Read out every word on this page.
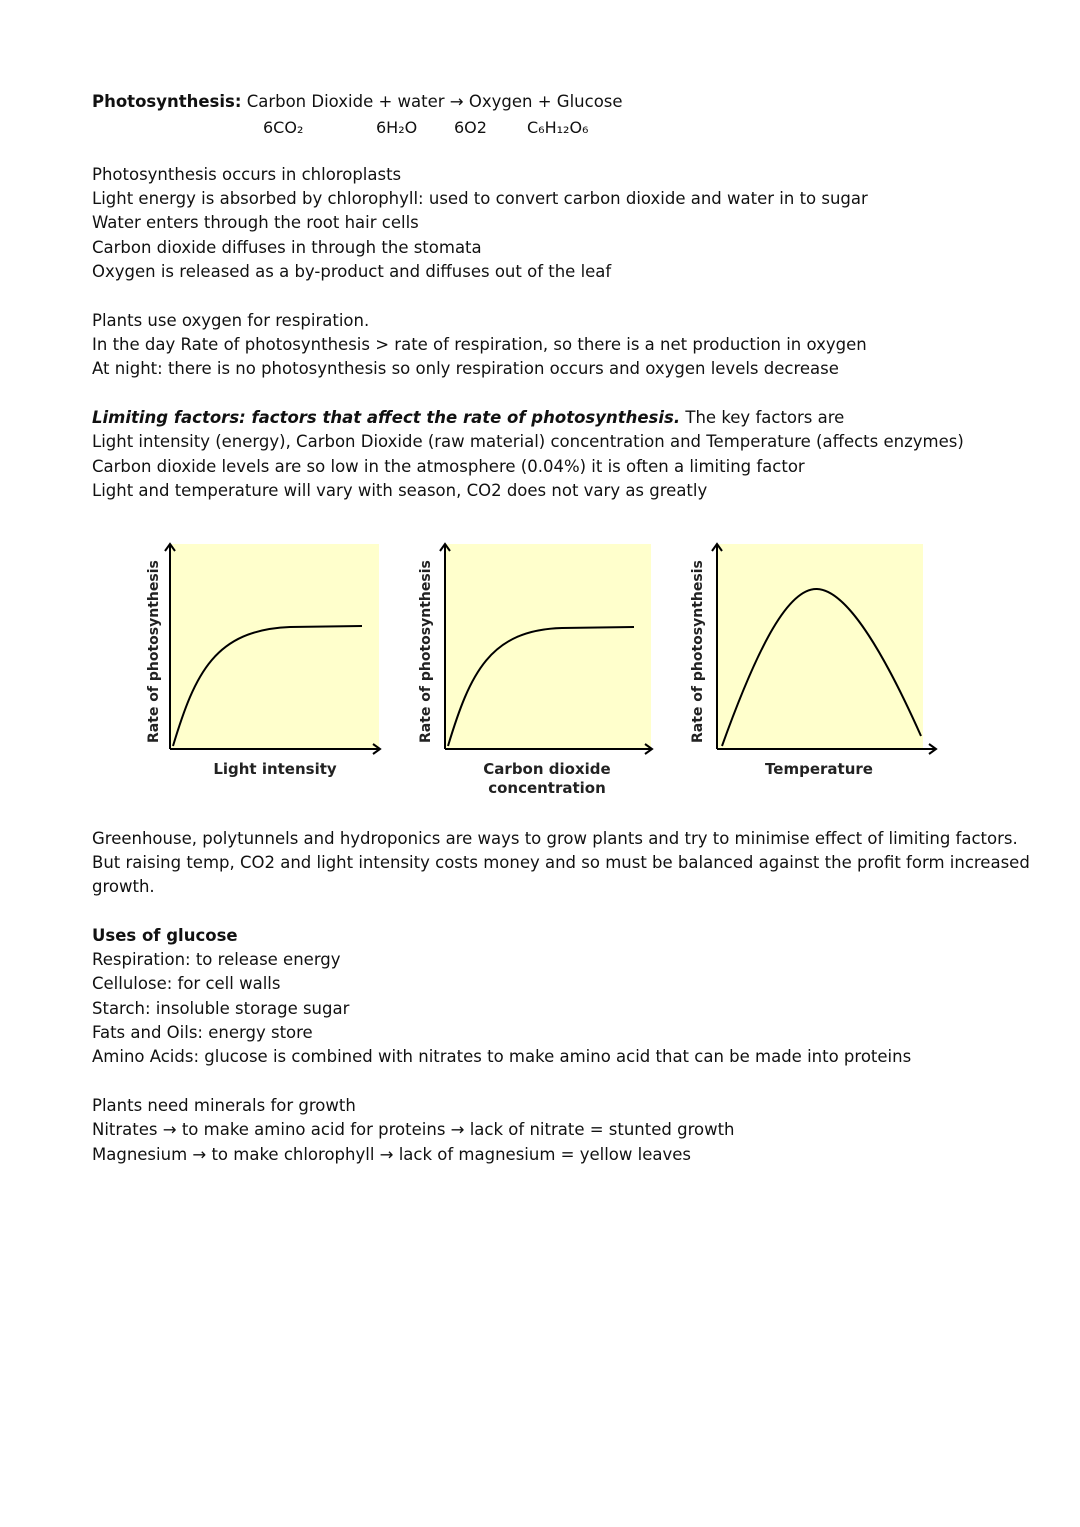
Photosynthesis: Carbon Dioxide + water → Oxygen + Glucose
6CO₂	6H₂O 6O2	C₆H₁₂O₆
Photosynthesis occurs in chloroplasts
Light energy is absorbed by chlorophyll: used to convert carbon dioxide and water in to sugar
Water enters through the root hair cells
Carbon dioxide diffuses in through the stomata
Oxygen is released as a by-product and diffuses out of the leaf
Plants use oxygen for respiration.
In the day Rate of photosynthesis > rate of respiration, so there is a net production in oxygen
At night: there is no photosynthesis so only respiration occurs and oxygen levels decrease
Limiting factors: factors that affect the rate of photosynthesis. The key factors are
Light intensity (energy), Carbon Dioxide (raw material) concentration and Temperature (affects enzymes)
Carbon dioxide levels are so low in the atmosphere (0.04%) it is often a limiting factor
Light and temperature will vary with season, CO2 does not vary as greatly
Rate of photosynthesis
Light intensity
Rate of photosynthesis
Carbon dioxide concentration
Rate of photosynthesis
Temperature
Greenhouse, polytunnels and hydroponics are ways to grow plants and try to minimise effect of limiting factors.
But raising temp, CO2 and light intensity costs money and so must be balanced against the profit form increased
growth.
Uses of glucose
Respiration: to release energy
Cellulose: for cell walls
Starch: insoluble storage sugar
Fats and Oils: energy store
Amino Acids: glucose is combined with nitrates to make amino acid that can be made into proteins
Plants need minerals for growth
Nitrates → to make amino acid for proteins → lack of nitrate = stunted growth
Magnesium → to make chlorophyll → lack of magnesium = yellow leaves
